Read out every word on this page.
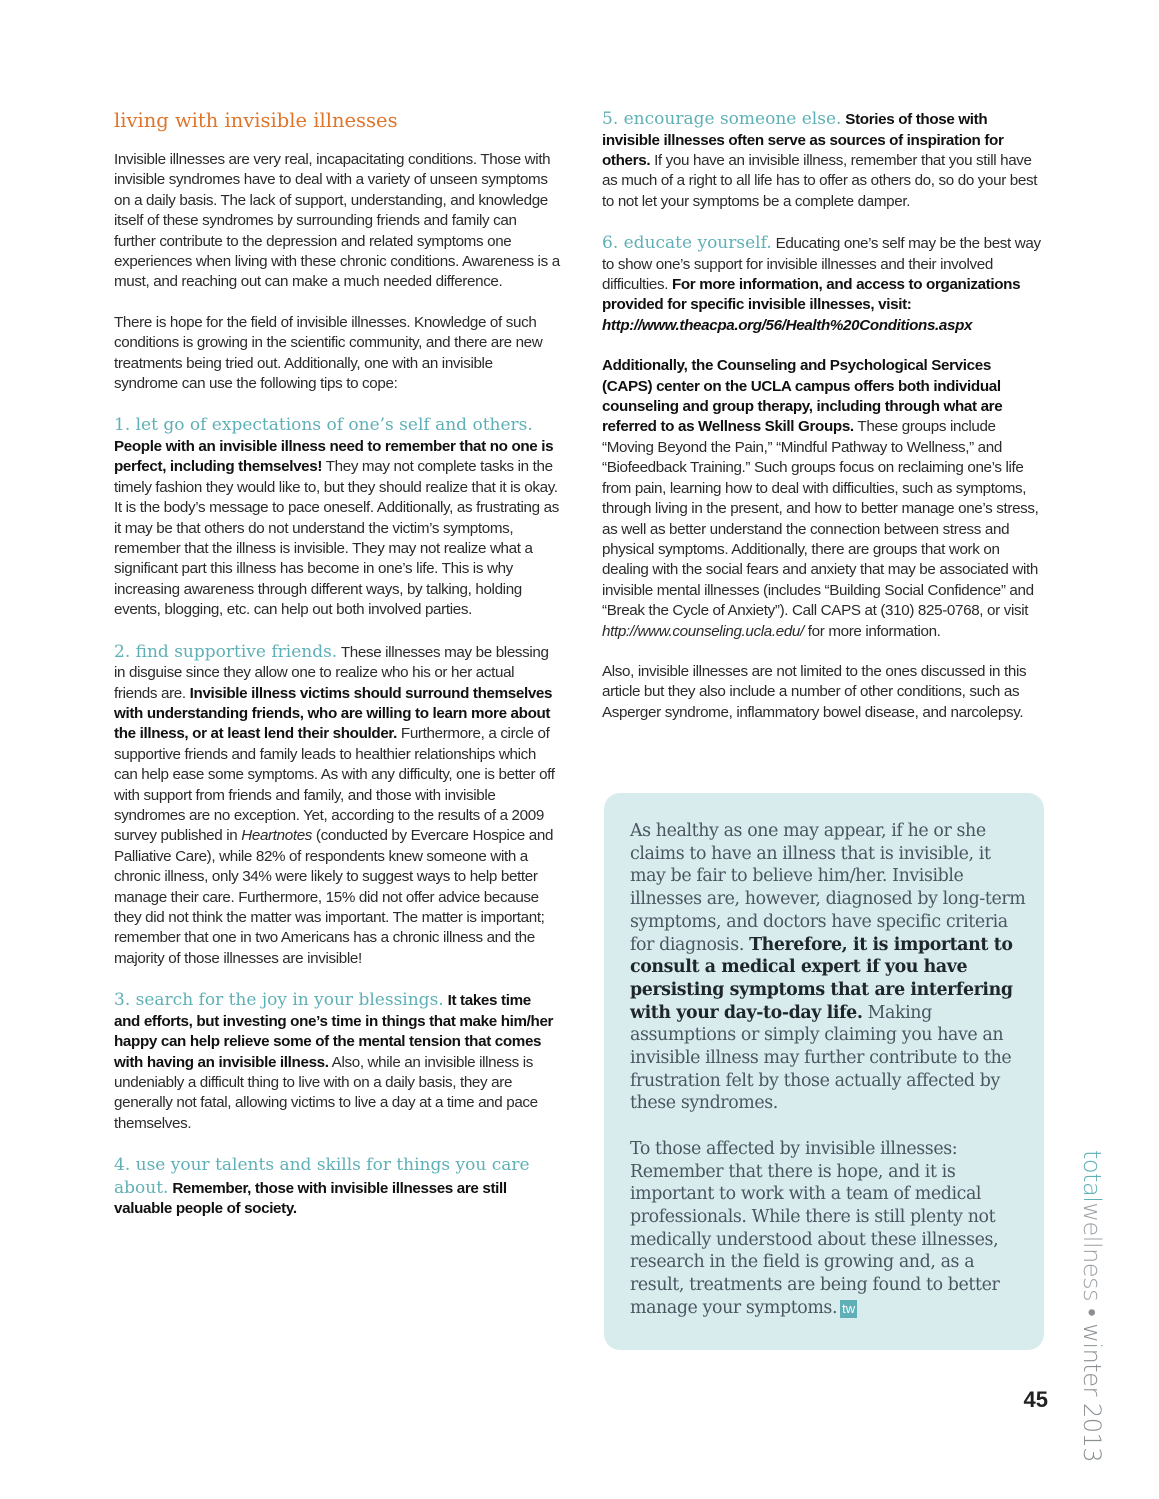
living with invisible illnesses

Invisible illnesses are very real, incapacitating conditions. Those with invisible syndromes have to deal with a variety of unseen symptoms on a daily basis. The lack of support, understanding, and knowledge itself of these syndromes by surrounding friends and family can further contribute to the depression and related symptoms one experiences when living with these chronic conditions. Awareness is a must, and reaching out can make a much needed difference.

There is hope for the field of invisible illnesses. Knowledge of such conditions is growing in the scientific community, and there are new treatments being tried out. Additionally, one with an invisible syndrome can use the following tips to cope:

1. let go of expectations of one’s self and others. People with an invisible illness need to remember that no one is perfect, including themselves! They may not complete tasks in the timely fashion they would like to, but they should realize that it is okay. It is the body’s message to pace oneself. Additionally, as frustrating as it may be that others do not understand the victim’s symptoms, remember that the illness is invisible. They may not realize what a significant part this illness has become in one’s life. This is why increasing awareness through different ways, by talking, holding events, blogging, etc. can help out both involved parties.

2. find supportive friends. These illnesses may be blessing in disguise since they allow one to realize who his or her actual friends are. Invisible illness victims should surround themselves with understanding friends, who are willing to learn more about the illness, or at least lend their shoulder. Furthermore, a circle of supportive friends and family leads to healthier relationships which can help ease some symptoms. As with any difficulty, one is better off with support from friends and family, and those with invisible syndromes are no exception. Yet, according to the results of a 2009 survey published in Heartnotes (conducted by Evercare Hospice and Palliative Care), while 82% of respondents knew someone with a chronic illness, only 34% were likely to suggest ways to help better manage their care. Furthermore, 15% did not offer advice because they did not think the matter was important. The matter is important; remember that one in two Americans has a chronic illness and the majority of those illnesses are invisible!

3. search for the joy in your blessings. It takes time and efforts, but investing one’s time in things that make him/her happy can help relieve some of the mental tension that comes with having an invisible illness. Also, while an invisible illness is undeniably a difficult thing to live with on a daily basis, they are generally not fatal, allowing victims to live a day at a time and pace themselves.

4. use your talents and skills for things you care about. Remember, those with invisible illnesses are still valuable people of society.

5. encourage someone else. Stories of those with invisible illnesses often serve as sources of inspiration for others. If you have an invisible illness, remember that you still have as much of a right to all life has to offer as others do, so do your best to not let your symptoms be a complete damper.

6. educate yourself. Educating one’s self may be the best way to show one’s support for invisible illnesses and their involved difficulties. For more information, and access to organizations provided for specific invisible illnesses, visit: http://www.theacpa.org/56/Health%20Conditions.aspx

Additionally, the Counseling and Psychological Services (CAPS) center on the UCLA campus offers both individual counseling and group therapy, including through what are referred to as Wellness Skill Groups. These groups include “Moving Beyond the Pain,” “Mindful Pathway to Wellness,” and “Biofeedback Training.” Such groups focus on reclaiming one’s life from pain, learning how to deal with difficulties, such as symptoms, through living in the present, and how to better manage one’s stress, as well as better understand the connection between stress and physical symptoms. Additionally, there are groups that work on dealing with the social fears and anxiety that may be associated with invisible mental illnesses (includes “Building Social Confidence” and “Break the Cycle of Anxiety”). Call CAPS at (310) 825-0768, or visit http://www.counseling.ucla.edu/ for more information.

Also, invisible illnesses are not limited to the ones discussed in this article but they also include a number of other conditions, such as Asperger syndrome, inflammatory bowel disease, and narcolepsy.

As healthy as one may appear, if he or she claims to have an illness that is invisible, it may be fair to believe him/her. Invisible illnesses are, however, diagnosed by long-term symptoms, and doctors have specific criteria for diagnosis. Therefore, it is important to consult a medical expert if you have persisting symptoms that are interfering with your day-to-day life. Making assumptions or simply claiming you have an invisible illness may further contribute to the frustration felt by those actually affected by these syndromes.

To those affected by invisible illnesses: Remember that there is hope, and it is important to work with a team of medical professionals. While there is still plenty not medically understood about these illnesses, research in the field is growing and, as a result, treatments are being found to better manage your symptoms. tw

totalwellness • winter 2013
45
